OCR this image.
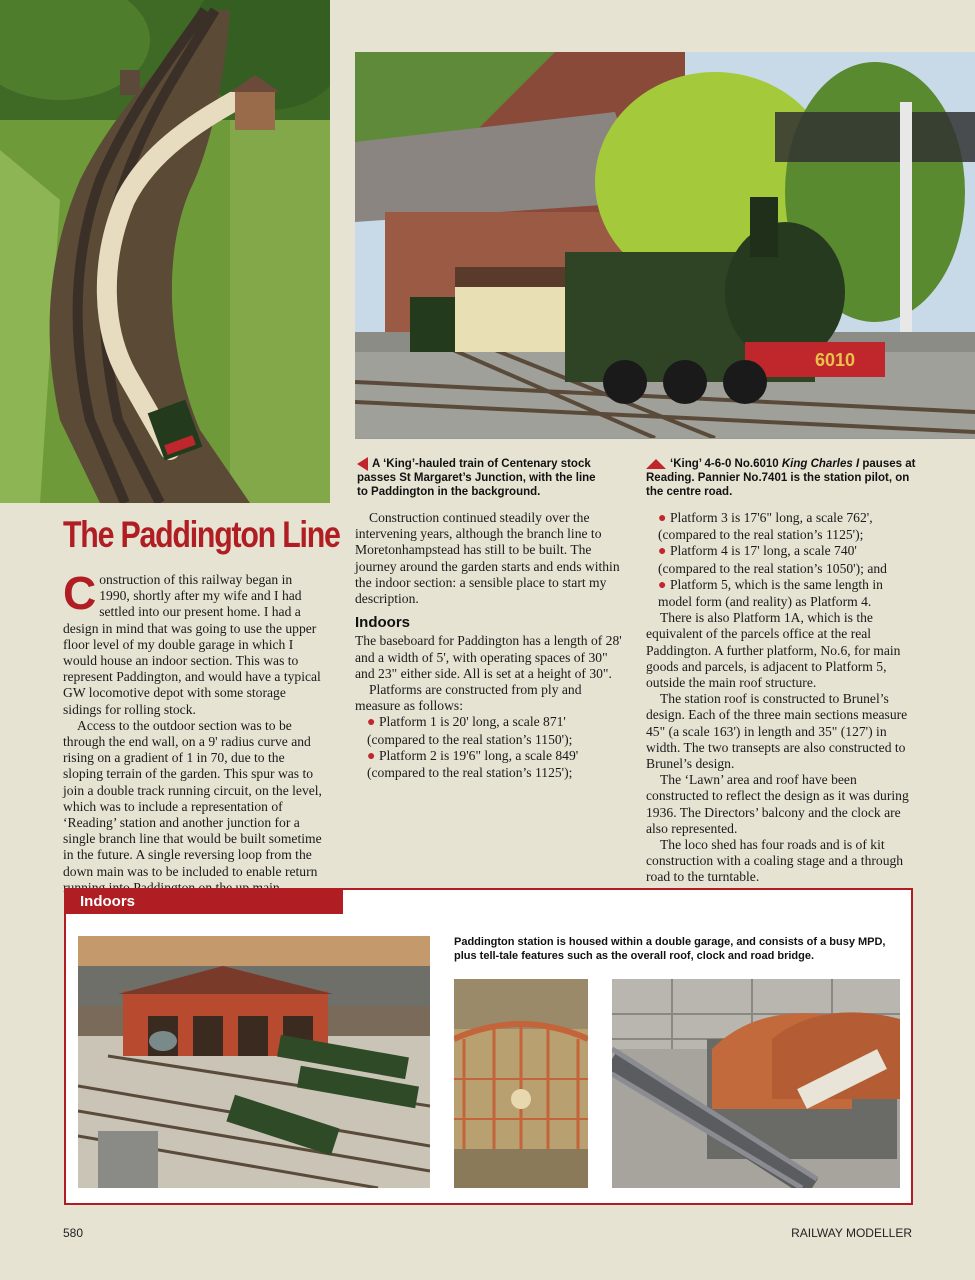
6010
A ‘King’-hauled train of Centenary stock passes St Margaret’s Junction, with the line to Paddington in the background.
‘King’ 4-6-0 No.6010 King Charles I pauses at Reading. Pannier No.7401 is the station pilot, on the centre road.
The Paddington Line

Construction of this railway began in 1990, shortly after my wife and I had settled into our present home. I had a design in mind that was going to use the upper floor level of my double garage in which I would house an indoor section. This was to represent Paddington, and would have a typical GW locomotive depot with some storage sidings for rolling stock.

Access to the outdoor section was to be through the end wall, on a 9' radius curve and rising on a gradient of 1 in 70, due to the sloping terrain of the garden. This spur was to join a double track running circuit, on the level, which was to include a representation of ‘Reading’ station and another junction for a single branch line that would be built sometime in the future. A single reversing loop from the down main was to be included to enable return

Construction continued steadily over the intervening years, although the branch line to Moretonhampstead has still to be built. The journey around the garden starts and ends within the indoor section: a sensible place to start my description.

Indoors

The baseboard for Paddington has a length of 28' and a width of 5', with operating spaces of 30" and 23" either side. All is set at a height of 30".

Platforms are constructed from ply and measure as follows:

● Platform 1 is 20' long, a scale 871' (compared to the real station’s 1150');

● Platform 2 is 19'6" long, a scale 849' (compared to the real station’s 1125');

● Platform 3 is 17'6" long, a scale 762', (compared to the real station’s 1125');

● Platform 4 is 17' long, a scale 740' (compared to the real station’s 1050'); and

● Platform 5, which is the same length in model form (and reality) as Platform 4.

There is also Platform 1A, which is the equivalent of the parcels office at the real Paddington. A further platform, No.6, for main goods and parcels, is adjacent to Platform 5, outside the main roof structure.

The station roof is constructed to Brunel’s design. Each of the three main sections measure 45" (a scale 163') in length and 35" (127') in width. The two transepts are also constructed to Brunel’s design.

The ‘Lawn’ area and roof have been constructed to reflect the design as it was during 1936. The Directors’ balcony and the clock are also represented.

The loco shed has four roads and is of kit construction with a coaling stage and a through road to the turntable.

Indoors
Paddington station is housed within a double garage, and consists of a busy MPD, plus tell-tale features such as the overall roof, clock and road bridge.
580	RAILWAY MODELLER
